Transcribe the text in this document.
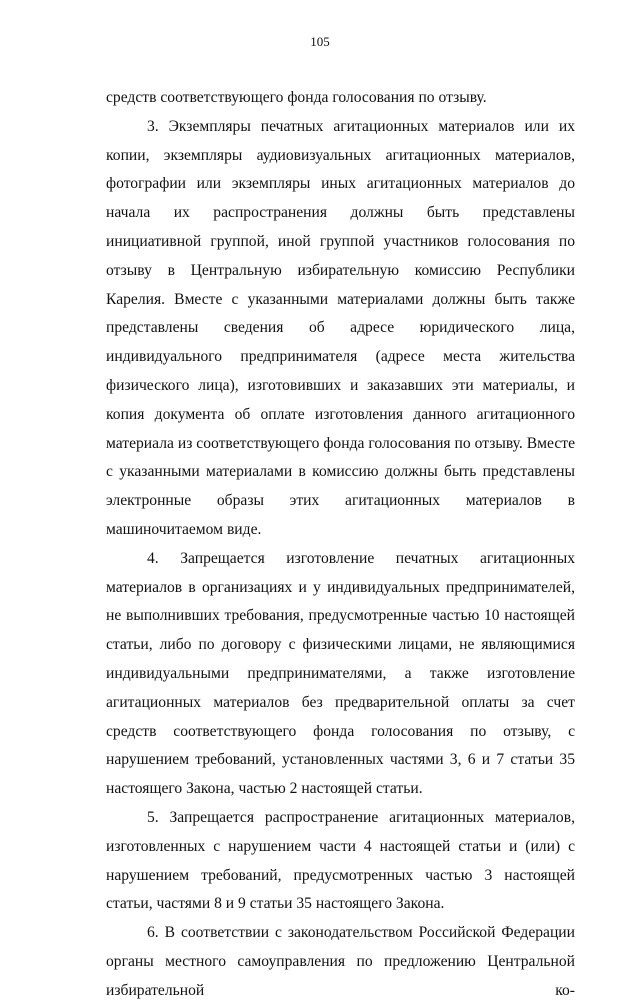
105

средств соответствующего фонда голосования по отзыву.

3. Экземпляры печатных агитационных материалов или их копии, экземпляры аудиовизуальных агитационных материалов, фотографии или экземпляры иных агитационных материалов до начала их распространения должны быть представлены инициативной группой, иной группой участников голосования по отзыву в Центральную избирательную комиссию Республики Карелия. Вместе с указанными материалами должны быть также представлены сведения об адресе юридического лица, индивидуального предпринимателя (адресе места жительства физического лица), изготовивших и заказавших эти материалы, и копия документа об оплате изготовления данного агитационного материала из соответствующего фонда голосования по отзыву. Вместе с указанными материалами в комиссию должны быть представлены электронные образы этих агитационных материалов в машиночитаемом виде.

4. Запрещается изготовление печатных агитационных материалов в организациях и у индивидуальных предпринимателей, не выполнивших требования, предусмотренные частью 10 настоящей статьи, либо по договору с физическими лицами, не являющимися индивидуальными предпринимателями, а также изготовление агитационных материалов без предварительной оплаты за счет средств соответствующего фонда голосования по отзыву, с нарушением требований, установленных частями 3, 6 и 7 статьи 35 настоящего Закона, частью 2 настоящей статьи.

5. Запрещается распространение агитационных материалов, изготовленных с нарушением части 4 настоящей статьи и (или) с нарушением требований, предусмотренных частью 3 настоящей статьи, частями 8 и 9 статьи 35 настоящего Закона.

6. В соответствии с законодательством Российской Федерации органы местного самоуправления по предложению Центральной избирательной ко-
